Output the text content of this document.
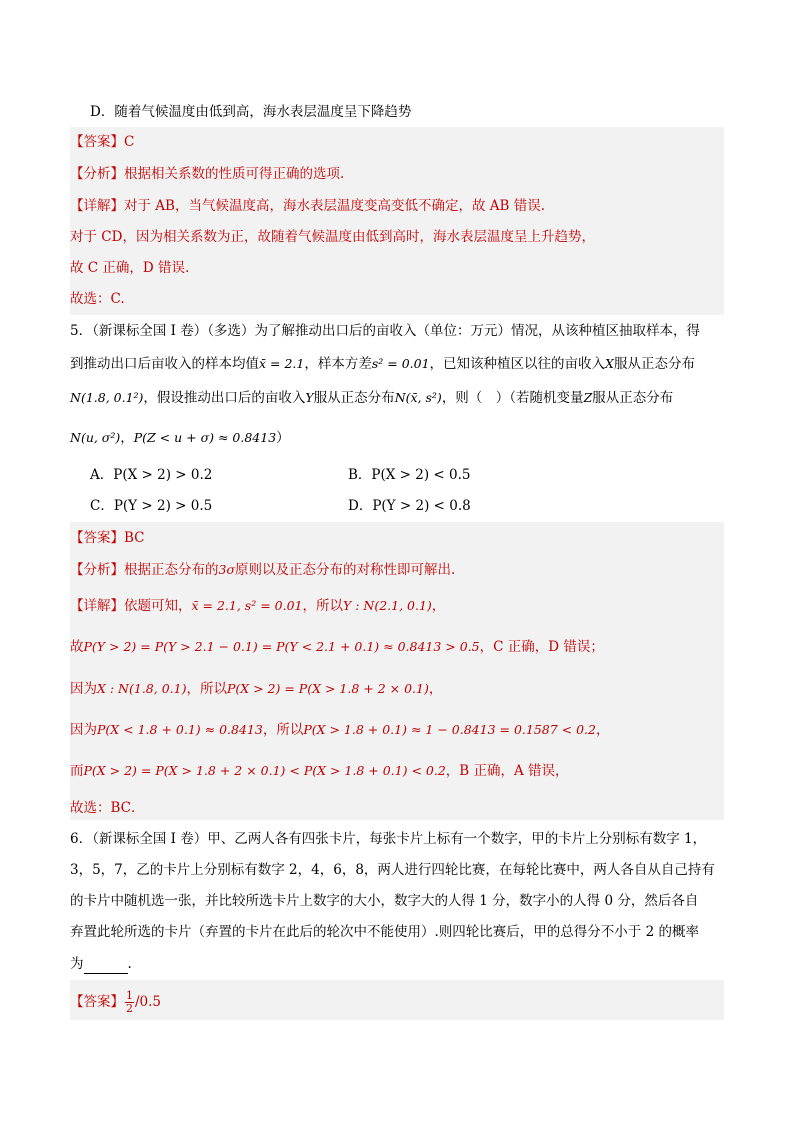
D．随着气候温度由低到高，海水表层温度呈下降趋势
【答案】C
【分析】根据相关系数的性质可得正确的选项.
【详解】对于 AB，当气候温度高，海水表层温度变高变低不确定，故 AB 错误.
对于 CD，因为相关系数为正，故随着气候温度由低到高时，海水表层温度呈上升趋势，
故 C 正确，D 错误.
故选：C.
5．（新课标全国 I 卷）（多选）为了解推动出口后的亩收入（单位：万元）情况，从该种植区抽取样本，得
到推动出口后亩收入的样本均值x̄ = 2.1，样本方差s² = 0.01，已知该种植区以往的亩收入X服从正态分布
N(1.8, 0.1²)，假设推动出口后的亩收入Y服从正态分布N(x̄, s²)，则（　）（若随机变量Z服从正态分布
N(u, σ²)，P(Z < u + σ) ≈ 0.8413）
A．P(X > 2) > 0.2	B．P(X > 2) < 0.5
C．P(Y > 2) > 0.5	D．P(Y > 2) < 0.8
【答案】BC
【分析】根据正态分布的3σ原则以及正态分布的对称性即可解出.
【详解】依题可知，x̄ = 2.1, s² = 0.01，所以Y : N(2.1, 0.1)，
故P(Y > 2) = P(Y > 2.1 − 0.1) = P(Y < 2.1 + 0.1) ≈ 0.8413 > 0.5，C 正确，D 错误；
因为X : N(1.8, 0.1)，所以P(X > 2) = P(X > 1.8 + 2 × 0.1)，
因为P(X < 1.8 + 0.1) ≈ 0.8413，所以P(X > 1.8 + 0.1) ≈ 1 − 0.8413 = 0.1587 < 0.2，
而P(X > 2) = P(X > 1.8 + 2 × 0.1) < P(X > 1.8 + 0.1) < 0.2，B 正确，A 错误，
故选：BC．
6．（新课标全国 I 卷）甲、乙两人各有四张卡片，每张卡片上标有一个数字，甲的卡片上分别标有数字 1，
3，5，7，乙的卡片上分别标有数字 2，4，6，8，两人进行四轮比赛，在每轮比赛中，两人各自从自己持有
的卡片中随机选一张，并比较所选卡片上数字的大小，数字大的人得 1 分，数字小的人得 0 分，然后各自
弃置此轮所选的卡片（弃置的卡片在此后的轮次中不能使用）.则四轮比赛后，甲的总得分不小于 2 的概率
为	.
【答案】 $\frac{1}{2} /0.5$
